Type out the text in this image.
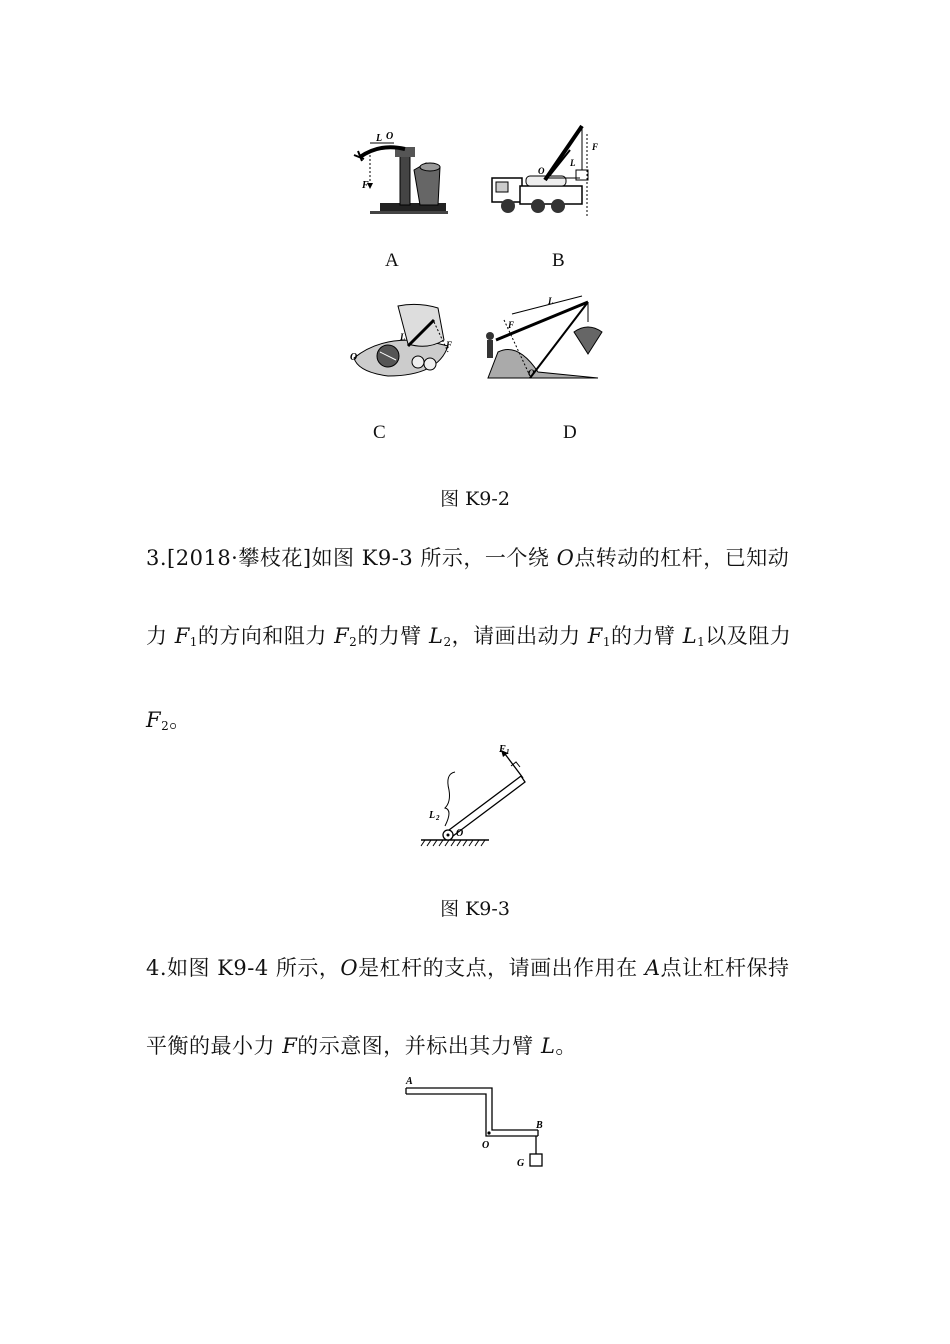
O
L
F
A
F
O
L
B
O
L
F
C
L
F
O
D
图 K9-2
3.[2018·攀枝花]如图 K9-3 所示，一个绕 O点转动的杠杆，已知动
力 $F_1$的方向和阻力 $F_2$的力臂 $L_2$，请画出动力 $F_1$的力臂 $L_1$以及阻力
$F_2$。
F 1
L 2
O
图 K9-3
4.如图 K9-4 所示，O是杠杆的支点，请画出作用在 A点让杠杆保持
平衡的最小力 F的示意图，并标出其力臂 L。
A
B
O
G
